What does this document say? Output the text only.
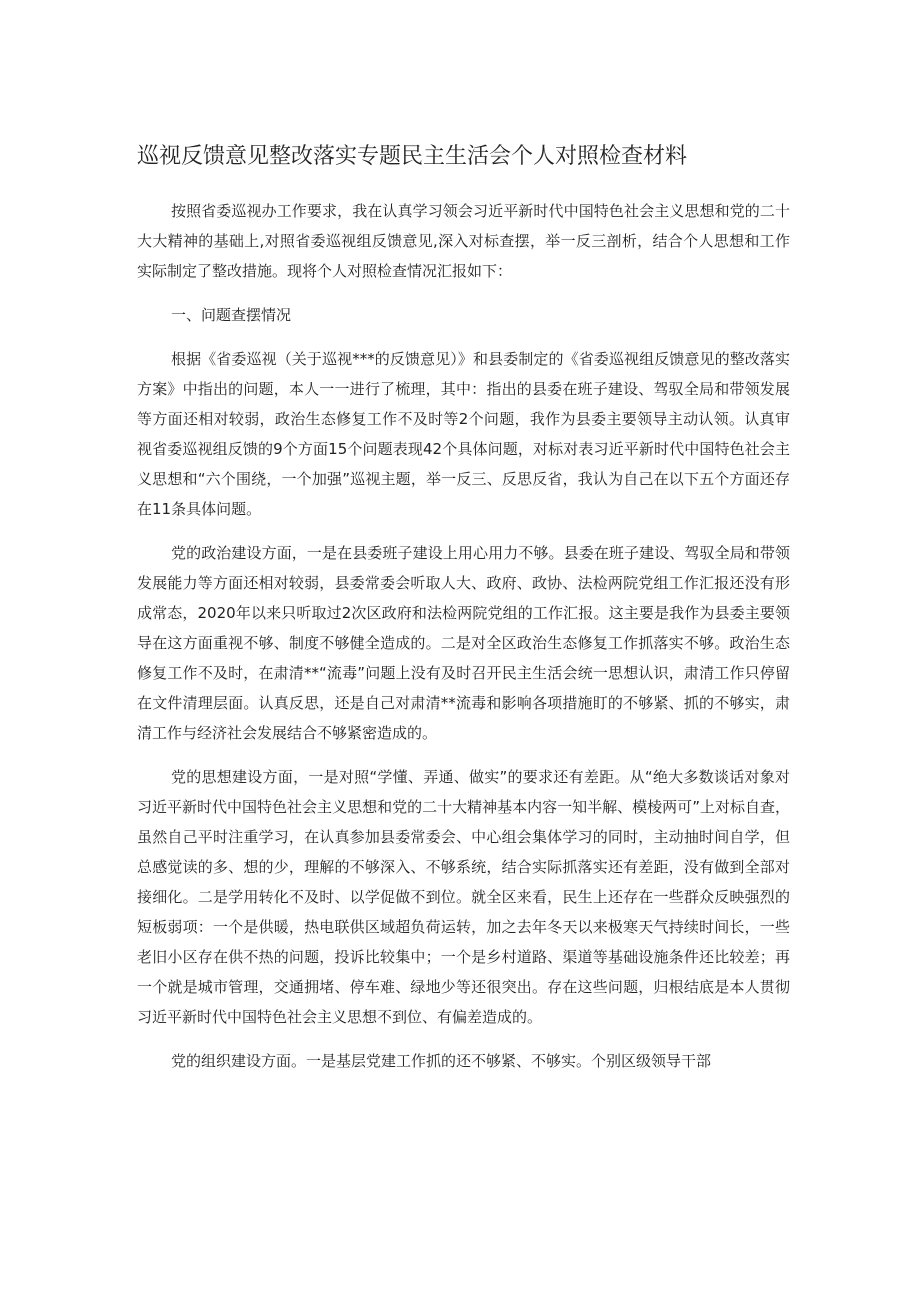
巡视反馈意见整改落实专题民主生活会个人对照检查材料

按照省委巡视办工作要求，我在认真学习领会习近平新时代中国特色社会主义思想和党的二十大大精神的基础上,对照省委巡视组反馈意见,深入对标查摆，举一反三剖析，结合个人思想和工作实际制定了整改措施。现将个人对照检查情况汇报如下：

一、问题查摆情况

根据《省委巡视（关于巡视***的反馈意见）》和县委制定的《省委巡视组反馈意见的整改落实方案》中指出的问题，本人一一进行了梳理，其中：指出的县委在班子建设、驾驭全局和带领发展等方面还相对较弱，政治生态修复工作不及时等2个问题，我作为县委主要领导主动认领。认真审视省委巡视组反馈的9个方面15个问题表现42个具体问题，对标对表习近平新时代中国特色社会主义思想和“六个围绕，一个加强”巡视主题，举一反三、反思反省，我认为自己在以下五个方面还存在11条具体问题。

党的政治建设方面，一是在县委班子建设上用心用力不够。县委在班子建设、驾驭全局和带领发展能力等方面还相对较弱，县委常委会听取人大、政府、政协、法检两院党组工作汇报还没有形成常态，2020年以来只听取过2次区政府和法检两院党组的工作汇报。这主要是我作为县委主要领导在这方面重视不够、制度不够健全造成的。二是对全区政治生态修复工作抓落实不够。政治生态修复工作不及时，在肃清**“流毒”问题上没有及时召开民主生活会统一思想认识，肃清工作只停留在文件清理层面。认真反思，还是自己对肃清**流毒和影响各项措施盯的不够紧、抓的不够实，肃清工作与经济社会发展结合不够紧密造成的。

党的思想建设方面，一是对照“学懂、弄通、做实”的要求还有差距。从“绝大多数谈话对象对习近平新时代中国特色社会主义思想和党的二十大精神基本内容一知半解、模棱两可”上对标自查，虽然自己平时注重学习，在认真参加县委常委会、中心组会集体学习的同时，主动抽时间自学，但总感觉读的多、想的少，理解的不够深入、不够系统，结合实际抓落实还有差距，没有做到全部对接细化。二是学用转化不及时、以学促做不到位。就全区来看，民生上还存在一些群众反映强烈的短板弱项：一个是供暖，热电联供区域超负荷运转，加之去年冬天以来极寒天气持续时间长，一些老旧小区存在供不热的问题，投诉比较集中；一个是乡村道路、渠道等基础设施条件还比较差；再一个就是城市管理，交通拥堵、停车难、绿地少等还很突出。存在这些问题，归根结底是本人贯彻习近平新时代中国特色社会主义思想不到位、有偏差造成的。

党的组织建设方面。一是基层党建工作抓的还不够紧、不够实。个别区级领导干部
